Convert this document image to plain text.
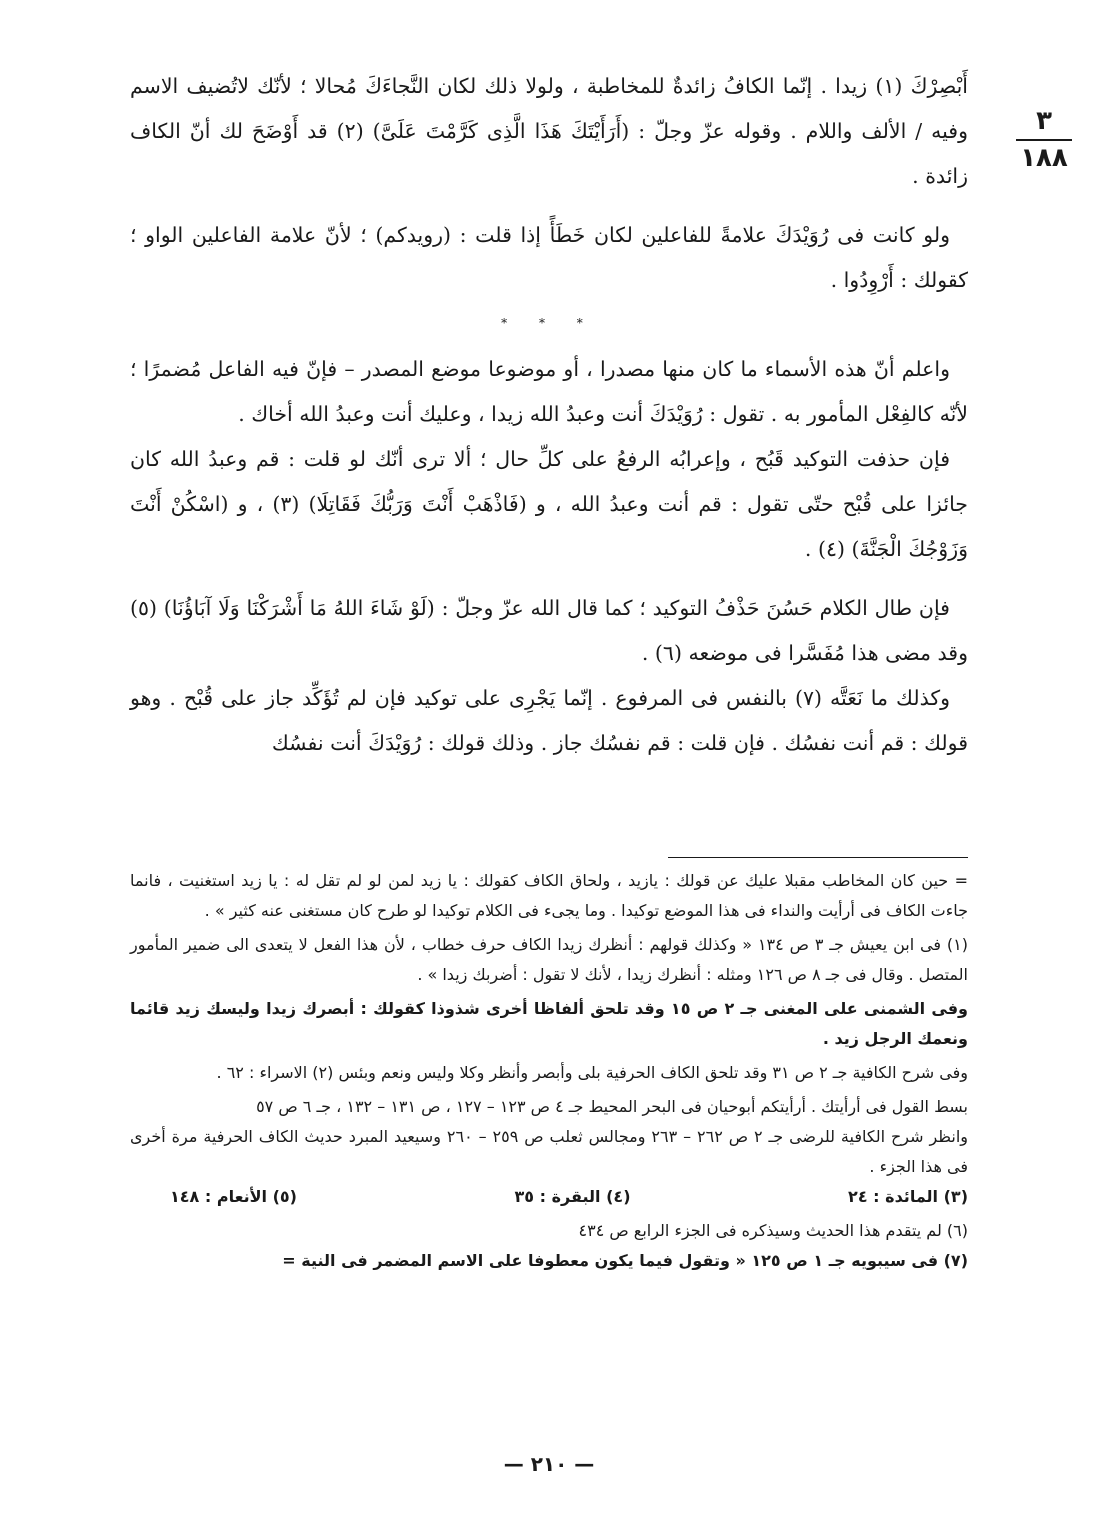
٣
١٨٨

أَبْصِرْكَ (١) زيدا . إنّما الكافُ زائدةٌ للمخاطبة ، ولولا ذلك لكان النَّجاءَكَ مُحالا ؛ لأنّك لاتُضيف الاسم وفيه / الألف واللام . وقوله عزّ وجلّ : (أَرَأَيْتَكَ هَذَا الَّذِى كَرَّمْتَ عَلَىَّ) (٢) قد أَوْضَحَ لك أنّ الكاف زائدة .

ولو كانت فى رُوَيْدَكَ علامةً للفاعلين لكان خَطَأً إذا قلت : (رويدكم) ؛ لأنّ علامة الفاعلين الواو ؛ كقولك : أَرْوِدُوا .

* * *

واعلم أنّ هذه الأسماء ما كان منها مصدرا ، أو موضوعا موضع المصدر – فإنّ فيه الفاعل مُضمرًا ؛ لأنّه كالفِعْل المأمور به . تقول : رُوَيْدَكَ أنت وعبدُ الله زيدا ، وعليك أنت وعبدُ الله أخاك .

فإن حذفت التوكيد قَبُح ، وإعرابُه الرفعُ على كلِّ حال ؛ ألا ترى أنّك لو قلت : قم وعبدُ الله كان جائزا على قُبْح حتّى تقول : قم أنت وعبدُ الله ، و (فَاذْهَبْ أَنْتَ وَرَبُّكَ فَقَاتِلَا) (٣) ، و (اسْكُنْ أَنْتَ وَزَوْجُكَ الْجَنَّةَ) (٤) .

فإن طال الكلام حَسُنَ حَذْفُ التوكيد ؛ كما قال الله عزّ وجلّ : (لَوْ شَاءَ اللهُ مَا أَشْرَكْنَا وَلَا آبَاؤُنَا) (٥) وقد مضى هذا مُفَسَّرا فى موضعه (٦) .

وكذلك ما نَعَتَّه (٧) بالنفس فى المرفوع . إنّما يَجْرِى على توكيد فإن لم تُؤَكِّد جاز على قُبْح . وهو قولك : قم أنت نفسُك . فإن قلت : قم نفسُك جاز . وذلك قولك : رُوَيْدَكَ أنت نفسُك

= حين كان المخاطب مقبلا عليك عن قولك : يازيد ، ولحاق الكاف كقولك : يا زيد لمن لو لم تقل له : يا زيد استغنيت ، فانما جاءت الكاف فى أرأيت والنداء فى هذا الموضع توكيدا . وما يجىء فى الكلام توكيدا لو طرح كان مستغنى عنه كثير » .

(١) فى ابن يعيش جـ ٣ ص ١٣٤ « وكذلك قولهم : أنظرك زيدا الكاف حرف خطاب ، لأن هذا الفعل لا يتعدى الى ضمير المأمور المتصل . وقال فى جـ ٨ ص ١٢٦ ومثله : أنظرك زيدا ، لأنك لا تقول : أضربك زيدا » .

وفى الشمنى على المغنى جـ ٢ ص ١٥ وقد تلحق ألفاظا أخرى شذوذا كقولك : أبصرك زيدا وليسك زيد قائما ونعمك الرجل زيد .

وفى شرح الكافية جـ ٢ ص ٣١ وقد تلحق الكاف الحرفية بلى وأبصر وأنظر وكلا وليس ونعم وبئس (٢) الاسراء : ٦٢ .

بسط القول فى أرأيتك . أرأيتكم أبوحيان فى البحر المحيط جـ ٤ ص ١٢٣ – ١٢٧ ، ص ١٣١ – ١٣٢ ، جـ ٦ ص ٥٧

وانظر شرح الكافية للرضى جـ ٢ ص ٢٦٢ – ٢٦٣ ومجالس ثعلب ص ٢٥٩ – ٢٦٠ وسيعيد المبرد حديث الكاف الحرفية مرة أخرى فى هذا الجزء .

(٣) المائدة : ٢٤
(٤) البقرة : ٣٥
(٥) الأنعام : ١٤٨

(٦) لم يتقدم هذا الحديث وسيذكره فى الجزء الرابع ص ٤٣٤

(٧) فى سيبويه جـ ١ ص ١٢٥ « وتقول فيما يكون معطوفا على الاسم المضمر فى النية =

— ٢١٠ —
